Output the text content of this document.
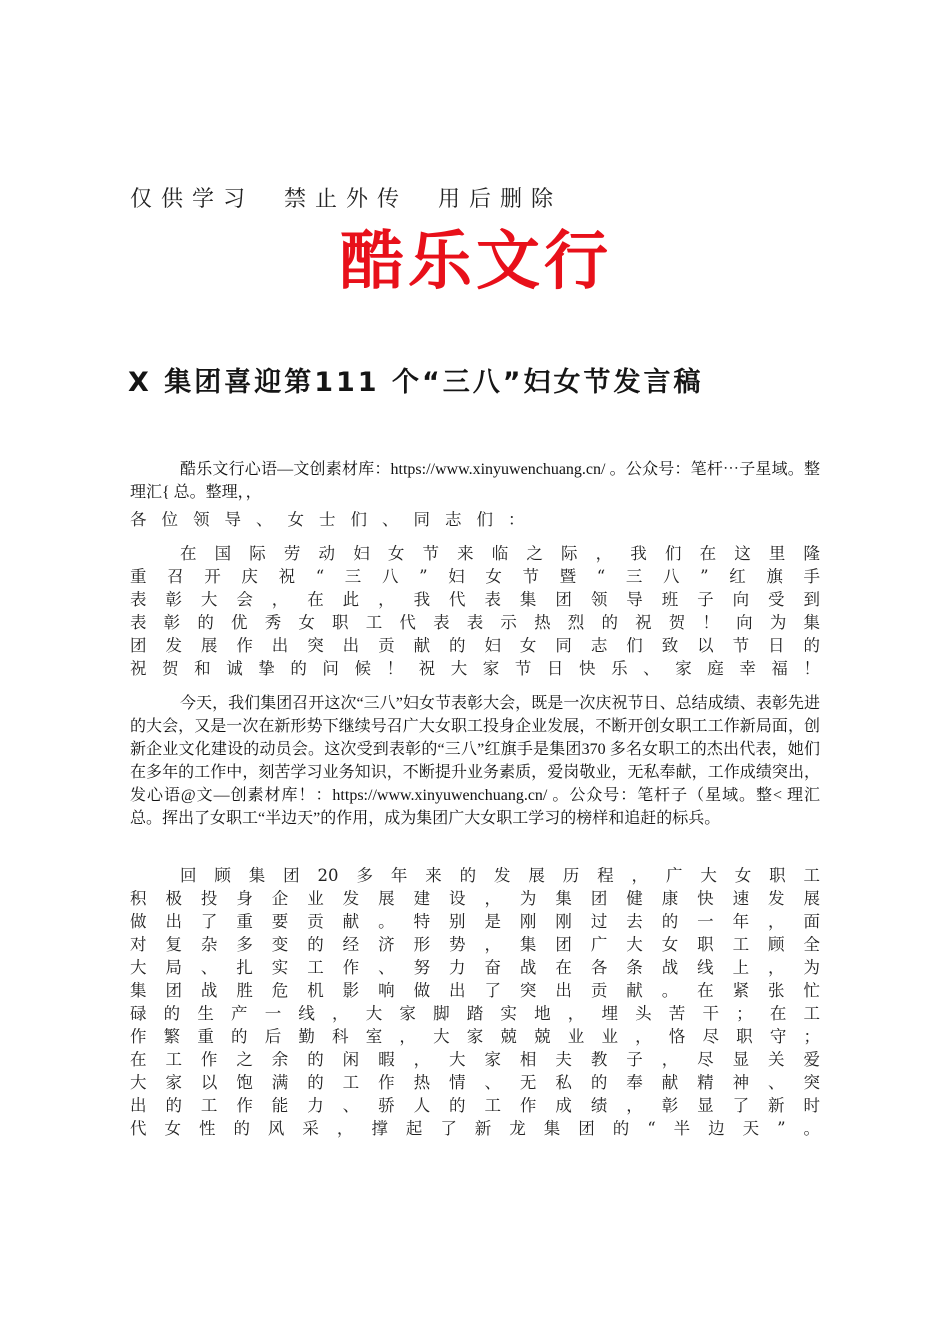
仅供学习 禁止外传 用后删除
酷乐文行
X 集团喜迎第111 个“三八”妇女节发言稿

酷乐文行心语—文创素材库：https://www.xinyuwenchuang.cn/ 。公众号：笔杆⋯子星域。整理汇{ 总。整理，，

各位领导、女士们、同志们：
在国际劳动妇女节来临之际，我们在这里隆
重召开庆祝“三八”妇女节暨“三八”红旗手
表彰大会，在此，我代表集团领导班子向受到
表彰的优秀女职工代表表示热烈的祝贺！向为集
团发展作出突出贡献的妇女同志们致以节日的
祝贺和诚挚的问候！祝大家节日快乐、家庭幸福！

今天，我们集团召开这次“三八”妇女节表彰大会，既是一次庆祝节日、总结成绩、表彰先进的大会，又是一次在新形势下继续号召广大女职工投身企业发展，不断开创女职工工作新局面，创新企业文化建设的动员会。这次受到表彰的“三八”红旗手是集团370 多名女职工的杰出代表，她们在多年的工作中，刻苦学习业务知识，不断提升业务素质，爱岗敬业，无私奉献，工作成绩突出，发心语@文—创素材库！：https://www.xinyuwenchuang.cn/ 。公众号：笔杆子（星域。整< 理汇总。挥出了女职工“半边天”的作用，成为集团广大女职工学习的榜样和追赶的标兵。

回顾集团20多年来的发展历程，广大女职工
积极投身企业发展建设，为集团健康快速发展
做出了重要贡献。特别是刚刚过去的一年，面
对复杂多变的经济形势，集团广大女职工顾全
大局、扎实工作、努力奋战在各条战线上，为
集团战胜危机影响做出了突出贡献。在紧张忙
碌的生产一线，大家脚踏实地，埋头苦干；在工
作繁重的后勤科室，大家兢兢业业，恪尽职守；
在工作之余的闲暇，大家相夫教子，尽显关爱
大家以饱满的工作热情、无私的奉献精神、突
出的工作能力、骄人的工作成绩，彰显了新时
代女性的风采，撑起了新龙集团的“半边天”。
